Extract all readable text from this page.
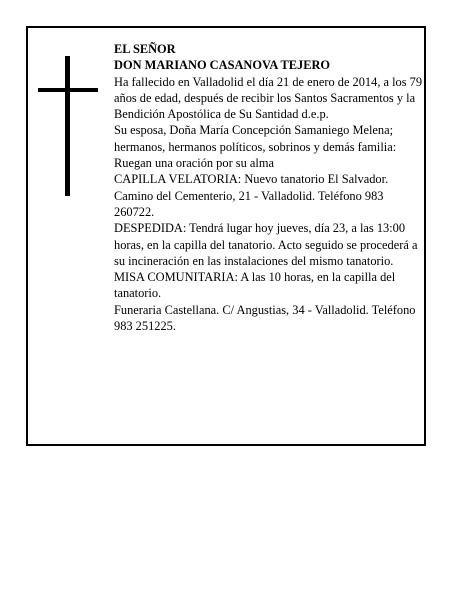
EL SEÑOR

DON MARIANO CASANOVA TEJERO

Ha fallecido en Valladolid el día 21 de enero de 2014, a los 79 años de edad, después de recibir los Santos Sacramentos y la Bendición Apostólica de Su Santidad d.e.p.

Su esposa, Doña María Concepción Samaniego Melena; hermanos, hermanos políticos, sobrinos y demás familia:

Ruegan una oración por su alma

CAPILLA VELATORIA: Nuevo tanatorio El Salvador. Camino del Cementerio, 21 - Valladolid. Teléfono 983 260722.

DESPEDIDA: Tendrá lugar hoy jueves, día 23, a las 13:00 horas, en la capilla del tanatorio. Acto seguido se procederá a su incineración en las instalaciones del mismo tanatorio.

MISA COMUNITARIA: A las 10 horas, en la capilla del tanatorio.

Funeraria Castellana. C/ Angustias, 34 - Valladolid. Teléfono 983 251225.
